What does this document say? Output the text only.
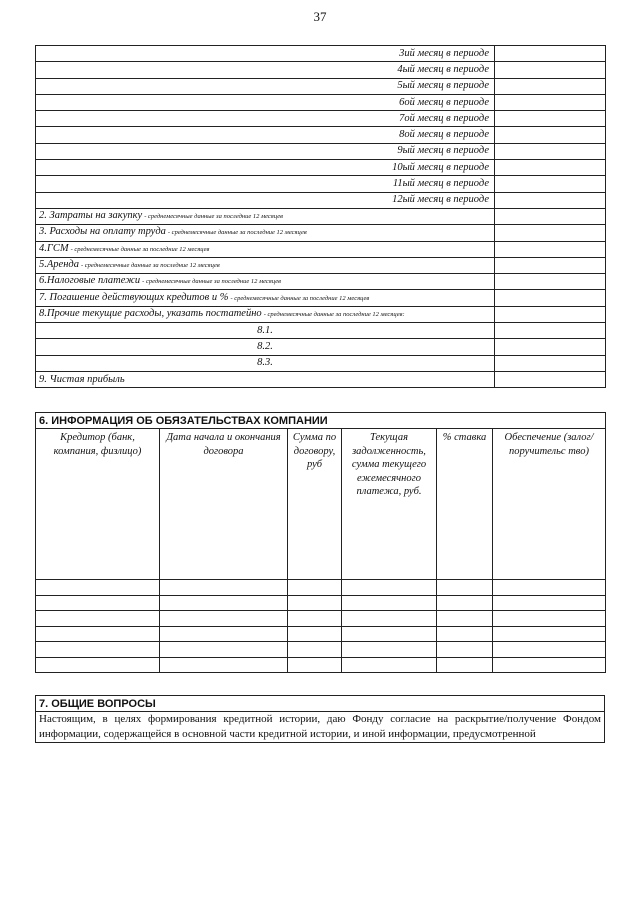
37
3ий месяц в периоде	
4ый месяц в периоде	
5ый месяц в периоде	
6ой месяц в периоде	
7ой месяц в периоде	
8ой месяц в периоде	
9ый месяц в периоде	
10ый месяц в периоде	
11ый месяц в периоде	
12ый месяц в периоде	
2. Затраты на закупку - среднемесячные данные за последние 12 месяцев	
3. Расходы на оплату труда - среднемесячные данные за последние 12 месяцев	
4.ГСМ - среднемесячные данные за последние 12 месяцев	
5.Аренда - среднемесячные данные за последние 12 месяцев	
6.Налоговые платежи - среднемесячные данные за последние 12 месяцев	
7. Погашение действующих кредитов и % - среднемесячные данные за последние 12 месяцев	
8.Прочие текущие расходы, указать постатейно - среднемесячные данные за последние 12 месяцев:	
8.1.	
8.2.	
8.3.	
9. Чистая прибыль	
6. ИНФОРМАЦИЯ ОБ ОБЯЗАТЕЛЬСТВАХ КОМПАНИИ					
Кредитор (банк, компания, физлицо)	Дата начала и окончания договора	Сумма по договору, руб	Текущая задолженность, сумма текущего ежемесячного платежа, руб.	% ставка	Обеспечение (залог/поручительс тво)

7. ОБЩИЕ ВОПРОСЫ
Настоящим, в целях формирования кредитной истории, даю Фонду согласие на раскрытие/получение Фондом информации, содержащейся в основной части кредитной истории, и иной информации, предусмотренной
